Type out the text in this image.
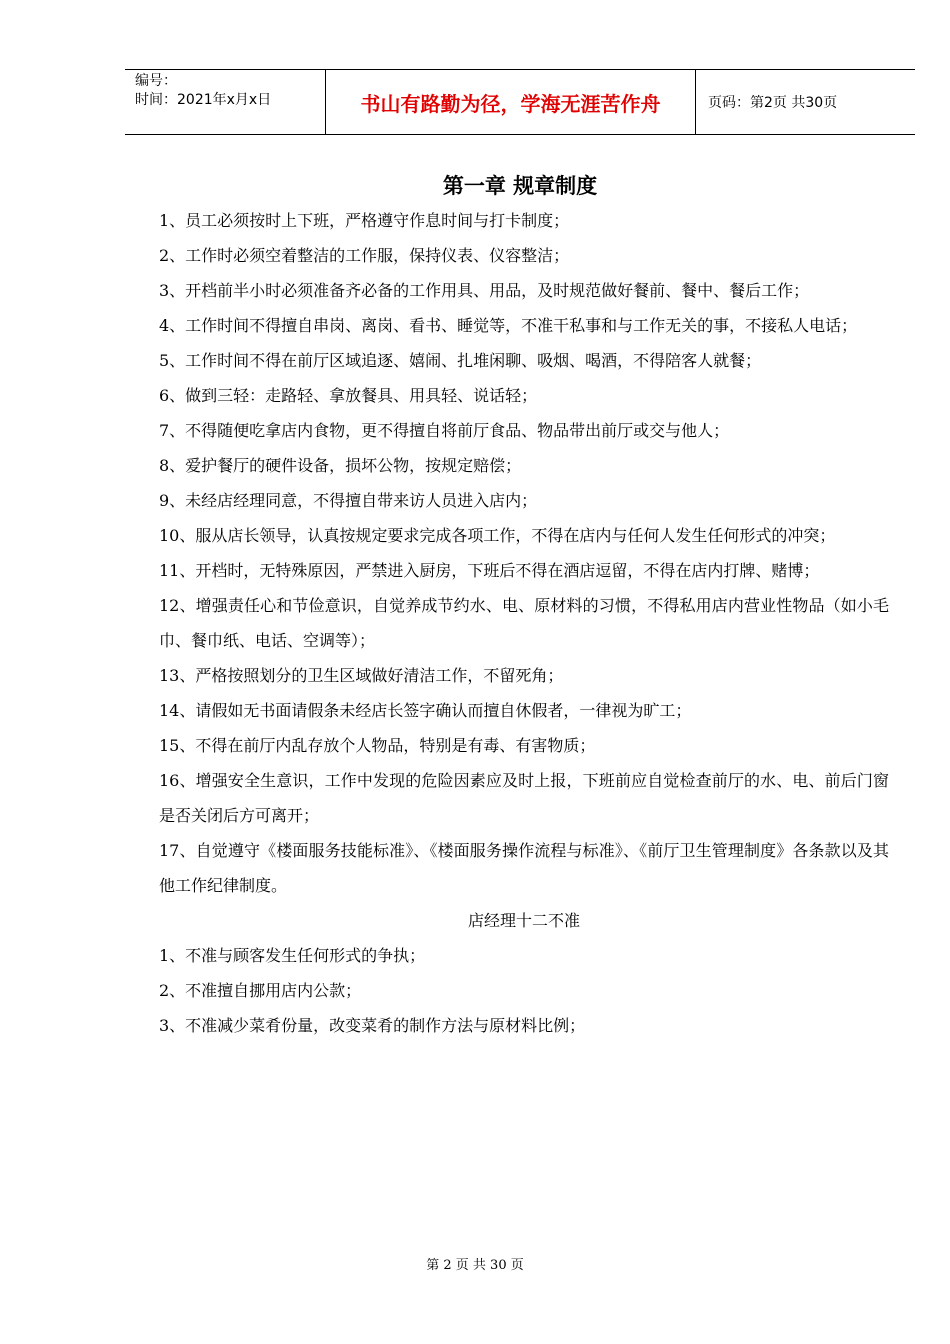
编号：
时间：2021年x月x日	书山有路勤为径，学海无涯苦作舟	页码：第2页 共30页
第一章 规章制度

1、员工必须按时上下班，严格遵守作息时间与打卡制度；

2、工作时必须空着整洁的工作服，保持仪表、仪容整洁；

3、开档前半小时必须准备齐必备的工作用具、用品，及时规范做好餐前、餐中、餐后工作；

4、工作时间不得擅自串岗、离岗、看书、睡觉等，不准干私事和与工作无关的事，不接私人电话；

5、工作时间不得在前厅区域追逐、嬉闹、扎堆闲聊、吸烟、喝酒，不得陪客人就餐；

6、做到三轻：走路轻、拿放餐具、用具轻、说话轻；

7、不得随便吃拿店内食物，更不得擅自将前厅食品、物品带出前厅或交与他人；

8、爱护餐厅的硬件设备，损坏公物，按规定赔偿；

9、未经店经理同意，不得擅自带来访人员进入店内；

10、服从店长领导，认真按规定要求完成各项工作，不得在店内与任何人发生任何形式的冲突；

11、开档时，无特殊原因，严禁进入厨房，下班后不得在酒店逗留，不得在店内打牌、赌博；

12、增强责任心和节俭意识，自觉养成节约水、电、原材料的习惯，不得私用店内营业性物品（如小毛巾、餐巾纸、电话、空调等）；

13、严格按照划分的卫生区域做好清洁工作，不留死角；

14、请假如无书面请假条未经店长签字确认而擅自休假者，一律视为旷工；

15、不得在前厅内乱存放个人物品，特别是有毒、有害物质；

16、增强安全生意识，工作中发现的危险因素应及时上报，下班前应自觉检查前厅的水、电、前后门窗是否关闭后方可离开；

17、自觉遵守《楼面服务技能标准》、《楼面服务操作流程与标准》、《前厅卫生管理制度》各条款以及其他工作纪律制度。

店经理十二不准

1、不准与顾客发生任何形式的争执；

2、不准擅自挪用店内公款；

3、不准减少菜肴份量，改变菜肴的制作方法与原材料比例；

第 2 页 共 30 页
